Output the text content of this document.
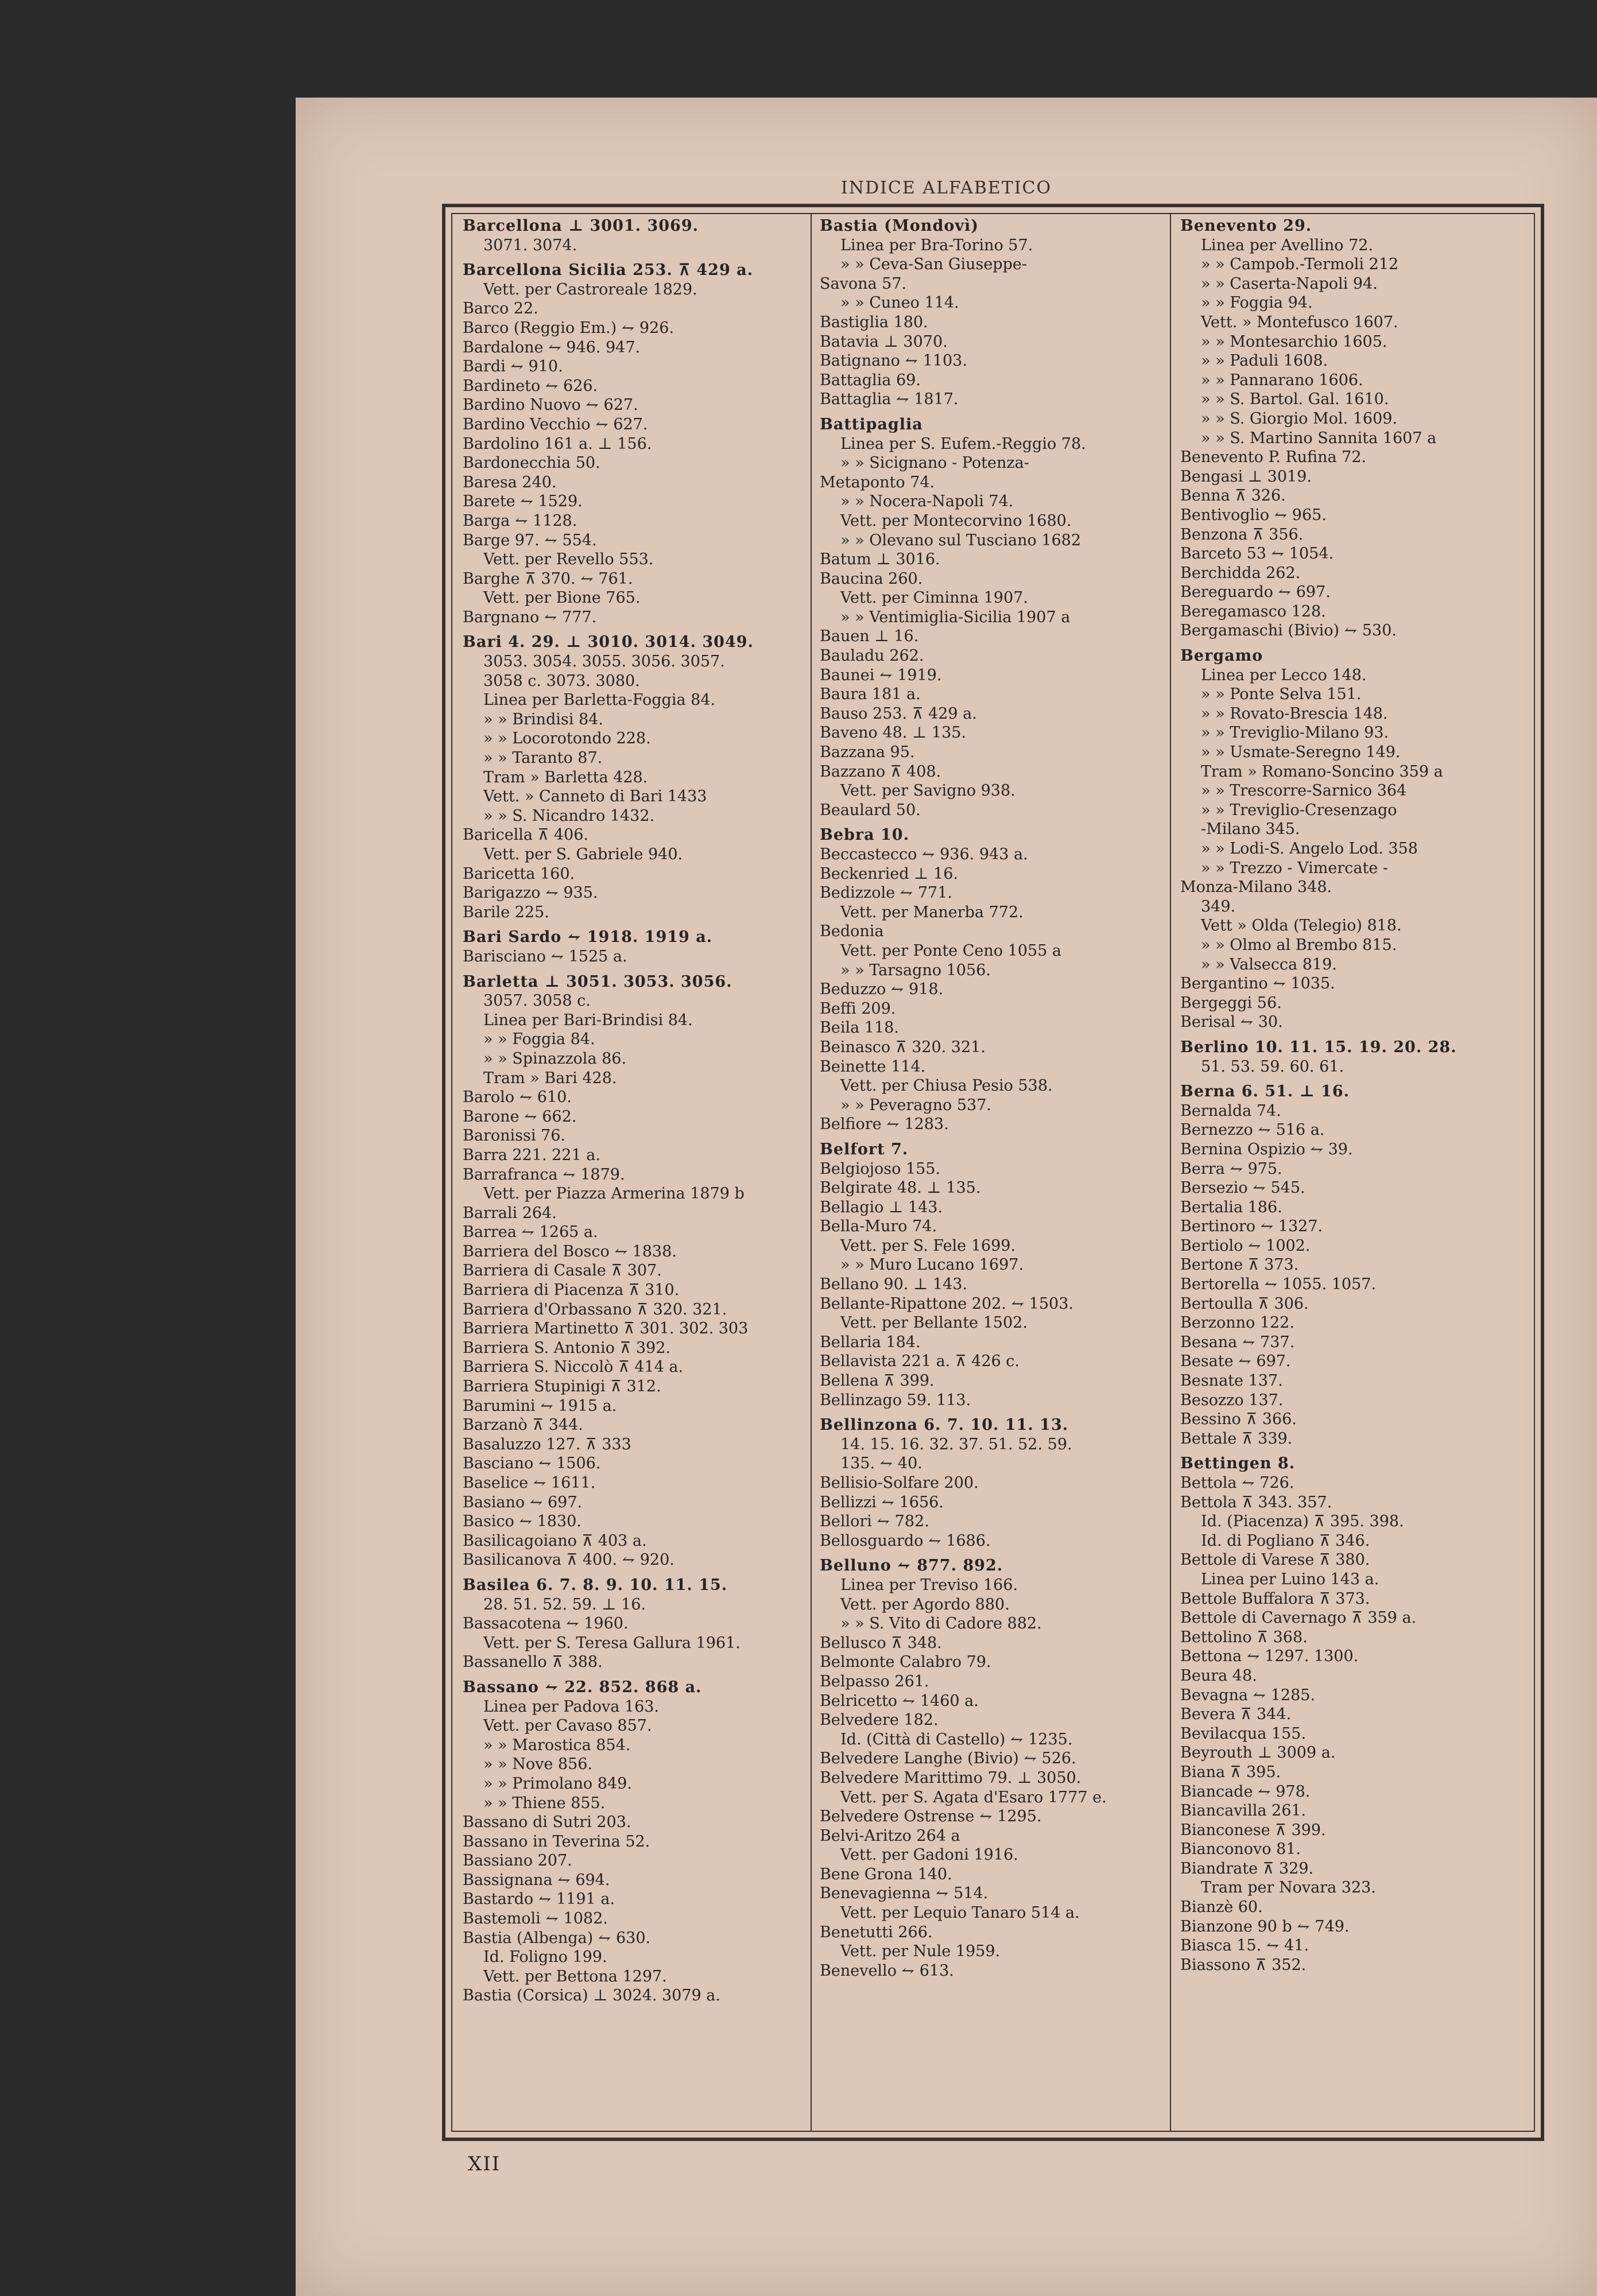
INDICE ALFABETICO
Barcellona ⊥ 3001. 3069.
3071. 3074.
Barcellona Sicilia 253. ⊼ 429 a.
Vett. per Castroreale 1829.
Barco 22.
Barco (Reggio Em.) ⥊ 926.
Bardalone ⥊ 946. 947.
Bardi ⥊ 910.
Bardineto ⥊ 626.
Bardino Nuovo ⥊ 627.
Bardino Vecchio ⥊ 627.
Bardolino 161 a. ⊥ 156.
Bardonecchia 50.
Baresa 240.
Barete ⥊ 1529.
Barga ⥊ 1128.
Barge 97. ⥊ 554.
Vett. per Revello 553.
Barghe ⊼ 370. ⥊ 761.
Vett. per Bione 765.
Bargnano ⥊ 777.
Bari 4. 29. ⊥ 3010. 3014. 3049.
3053. 3054. 3055. 3056. 3057.
3058 c. 3073. 3080.
Linea per Barletta-Foggia 84.
» » Brindisi 84.
» » Locorotondo 228.
» » Taranto 87.
Tram » Barletta 428.
Vett. » Canneto di Bari 1433
» » S. Nicandro 1432.
Baricella ⊼ 406.
Vett. per S. Gabriele 940.
Baricetta 160.
Barigazzo ⥊ 935.
Barile 225.
Bari Sardo ⥊ 1918. 1919 a.
Barisciano ⥊ 1525 a.
Barletta ⊥ 3051. 3053. 3056.
3057. 3058 c.
Linea per Bari-Brindisi 84.
» » Foggia 84.
» » Spinazzola 86.
Tram » Bari 428.
Barolo ⥊ 610.
Barone ⥊ 662.
Baronissi 76.
Barra 221. 221 a.
Barrafranca ⥊ 1879.
Vett. per Piazza Armerina 1879 b
Barrali 264.
Barrea ⥊ 1265 a.
Barriera del Bosco ⥊ 1838.
Barriera di Casale ⊼ 307.
Barriera di Piacenza ⊼ 310.
Barriera d'Orbassano ⊼ 320. 321.
Barriera Martinetto ⊼ 301. 302. 303
Barriera S. Antonio ⊼ 392.
Barriera S. Niccolò ⊼ 414 a.
Barriera Stupinigi ⊼ 312.
Barumini ⥊ 1915 a.
Barzanò ⊼ 344.
Basaluzzo 127. ⊼ 333
Basciano ⥊ 1506.
Baselice ⥊ 1611.
Basiano ⥊ 697.
Basico ⥊ 1830.
Basilicagoiano ⊼ 403 a.
Basilicanova ⊼ 400. ⥊ 920.
Basilea 6. 7. 8. 9. 10. 11. 15.
28. 51. 52. 59. ⊥ 16.
Bassacotena ⥊ 1960.
Vett. per S. Teresa Gallura 1961.
Bassanello ⊼ 388.
Bassano ⥊ 22. 852. 868 a.
Linea per Padova 163.
Vett. per Cavaso 857.
» » Marostica 854.
» » Nove 856.
» » Primolano 849.
» » Thiene 855.
Bassano di Sutri 203.
Bassano in Teverina 52.
Bassiano 207.
Bassignana ⥊ 694.
Bastardo ⥊ 1191 a.
Bastemoli ⥊ 1082.
Bastia (Albenga) ⥊ 630.
Id. Foligno 199.
Vett. per Bettona 1297.
Bastia (Corsica) ⊥ 3024. 3079 a.
Bastia (Mondovì)
Linea per Bra-Torino 57.
» » Ceva-San Giuseppe-
Savona 57.
» » Cuneo 114.
Bastiglia 180.
Batavia ⊥ 3070.
Batignano ⥊ 1103.
Battaglia 69.
Battaglia ⥊ 1817.
Battipaglia
Linea per S. Eufem.-Reggio 78.
» » Sicignano - Potenza-
Metaponto 74.
» » Nocera-Napoli 74.
Vett. per Montecorvino 1680.
» » Olevano sul Tusciano 1682
Batum ⊥ 3016.
Baucina 260.
Vett. per Ciminna 1907.
» » Ventimiglia-Sicilia 1907 a
Bauen ⊥ 16.
Bauladu 262.
Baunei ⥊ 1919.
Baura 181 a.
Bauso 253. ⊼ 429 a.
Baveno 48. ⊥ 135.
Bazzana 95.
Bazzano ⊼ 408.
Vett. per Savigno 938.
Beaulard 50.
Bebra 10.
Beccastecco ⥊ 936. 943 a.
Beckenried ⊥ 16.
Bedizzole ⥊ 771.
Vett. per Manerba 772.
Bedonia
Vett. per Ponte Ceno 1055 a
» » Tarsagno 1056.
Beduzzo ⥊ 918.
Beffi 209.
Beila 118.
Beinasco ⊼ 320. 321.
Beinette 114.
Vett. per Chiusa Pesio 538.
» » Peveragno 537.
Belfiore ⥊ 1283.
Belfort 7.
Belgiojoso 155.
Belgirate 48. ⊥ 135.
Bellagio ⊥ 143.
Bella-Muro 74.
Vett. per S. Fele 1699.
» » Muro Lucano 1697.
Bellano 90. ⊥ 143.
Bellante-Ripattone 202. ⥊ 1503.
Vett. per Bellante 1502.
Bellaria 184.
Bellavista 221 a. ⊼ 426 c.
Bellena ⊼ 399.
Bellinzago 59. 113.
Bellinzona 6. 7. 10. 11. 13.
14. 15. 16. 32. 37. 51. 52. 59.
135. ⥊ 40.
Bellisio-Solfare 200.
Bellizzi ⥊ 1656.
Bellori ⥊ 782.
Bellosguardo ⥊ 1686.
Belluno ⥊ 877. 892.
Linea per Treviso 166.
Vett. per Agordo 880.
» » S. Vito di Cadore 882.
Bellusco ⊼ 348.
Belmonte Calabro 79.
Belpasso 261.
Belricetto ⥊ 1460 a.
Belvedere 182.
Id. (Città di Castello) ⥊ 1235.
Belvedere Langhe (Bivio) ⥊ 526.
Belvedere Marittimo 79. ⊥ 3050.
Vett. per S. Agata d'Esaro 1777 e.
Belvedere Ostrense ⥊ 1295.
Belvi-Aritzo 264 a
Vett. per Gadoni 1916.
Bene Grona 140.
Benevagienna ⥊ 514.
Vett. per Lequio Tanaro 514 a.
Benetutti 266.
Vett. per Nule 1959.
Benevello ⥊ 613.
Benevento 29.
Linea per Avellino 72.
» » Campob.-Termoli 212
» » Caserta-Napoli 94.
» » Foggia 94.
Vett. » Montefusco 1607.
» » Montesarchio 1605.
» » Paduli 1608.
» » Pannarano 1606.
» » S. Bartol. Gal. 1610.
» » S. Giorgio Mol. 1609.
» » S. Martino Sannita 1607 a
Benevento P. Rufina 72.
Bengasi ⊥ 3019.
Benna ⊼ 326.
Bentivoglio ⥊ 965.
Benzona ⊼ 356.
Barceto 53 ⥊ 1054.
Berchidda 262.
Bereguardo ⥊ 697.
Beregamasco 128.
Bergamaschi (Bivio) ⥊ 530.
Bergamo
Linea per Lecco 148.
» » Ponte Selva 151.
» » Rovato-Brescia 148.
» » Treviglio-Milano 93.
» » Usmate-Seregno 149.
Tram » Romano-Soncino 359 a
» » Trescorre-Sarnico 364
» » Treviglio-Cresenzago
-Milano 345.
» » Lodi-S. Angelo Lod. 358
» » Trezzo - Vimercate -
Monza-Milano 348.
349.
Vett » Olda (Telegio) 818.
» » Olmo al Brembo 815.
» » Valsecca 819.
Bergantino ⥊ 1035.
Bergeggi 56.
Berisal ⥊ 30.
Berlino 10. 11. 15. 19. 20. 28.
51. 53. 59. 60. 61.
Berna 6. 51. ⊥ 16.
Bernalda 74.
Bernezzo ⥊ 516 a.
Bernina Ospizio ⥊ 39.
Berra ⥊ 975.
Bersezio ⥊ 545.
Bertalia 186.
Bertinoro ⥊ 1327.
Bertiolo ⥊ 1002.
Bertone ⊼ 373.
Bertorella ⥊ 1055. 1057.
Bertoulla ⊼ 306.
Berzonno 122.
Besana ⥊ 737.
Besate ⥊ 697.
Besnate 137.
Besozzo 137.
Bessino ⊼ 366.
Bettale ⊼ 339.
Bettingen 8.
Bettola ⥊ 726.
Bettola ⊼ 343. 357.
Id. (Piacenza) ⊼ 395. 398.
Id. di Pogliano ⊼ 346.
Bettole di Varese ⊼ 380.
Linea per Luino 143 a.
Bettole Buffalora ⊼ 373.
Bettole di Cavernago ⊼ 359 a.
Bettolino ⊼ 368.
Bettona ⥊ 1297. 1300.
Beura 48.
Bevagna ⥊ 1285.
Bevera ⊼ 344.
Bevilacqua 155.
Beyrouth ⊥ 3009 a.
Biana ⊼ 395.
Biancade ⥊ 978.
Biancavilla 261.
Bianconese ⊼ 399.
Bianconovo 81.
Biandrate ⊼ 329.
Tram per Novara 323.
Bianzè 60.
Bianzone 90 b ⥊ 749.
Biasca 15. ⥊ 41.
Biassono ⊼ 352.
XII
